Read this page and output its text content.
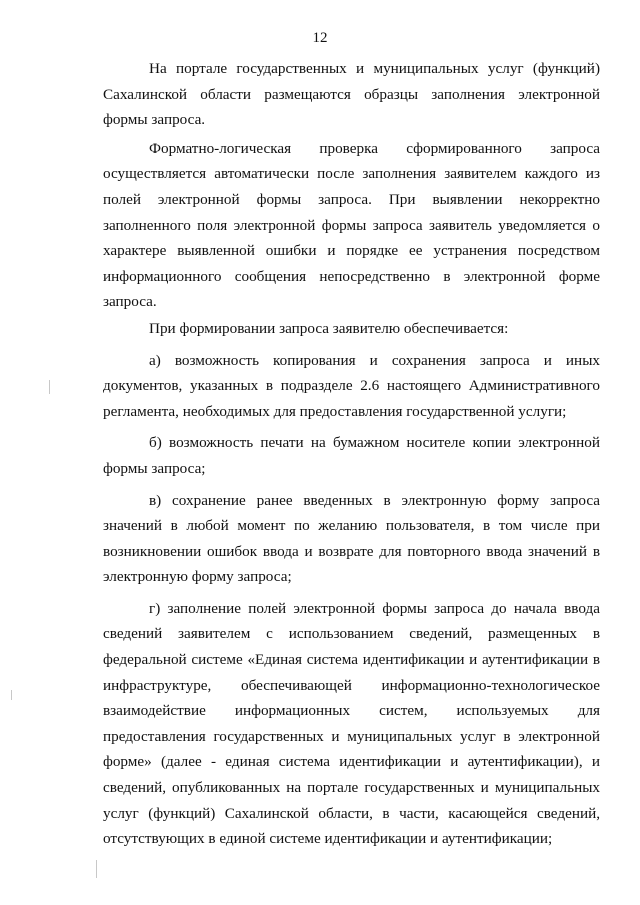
12

На портале государственных и муниципальных услуг (функций) Сахалинской области размещаются образцы заполнения электронной формы запроса.

Форматно-логическая проверка сформированного запроса осуществляется автоматически после заполнения заявителем каждого из полей электронной формы запроса. При выявлении некорректно заполненного поля электронной формы запроса заявитель уведомляется о характере выявленной ошибки и порядке ее устранения посредством информационного сообщения непосредственно в электронной форме запроса.

При формировании запроса заявителю обеспечивается:

а) возможность копирования и сохранения запроса и иных документов, указанных в подразделе 2.6 настоящего Административного регламента, необходимых для предоставления государственной услуги;

б) возможность печати на бумажном носителе копии электронной формы запроса;

в) сохранение ранее введенных в электронную форму запроса значений в любой момент по желанию пользователя, в том числе при возникновении ошибок ввода и возврате для повторного ввода значений в электронную форму запроса;

г) заполнение полей электронной формы запроса до начала ввода сведений заявителем с использованием сведений, размещенных в федеральной системе «Единая система идентификации и аутентификации в инфраструктуре, обеспечивающей информационно-технологическое взаимодействие информационных систем, используемых для предоставления государственных и муниципальных услуг в электронной форме» (далее - единая система идентификации и аутентификации), и сведений, опубликованных на портале государственных и муниципальных услуг (функций) Сахалинской области, в части, касающейся сведений, отсутствующих в единой системе идентификации и аутентификации;
